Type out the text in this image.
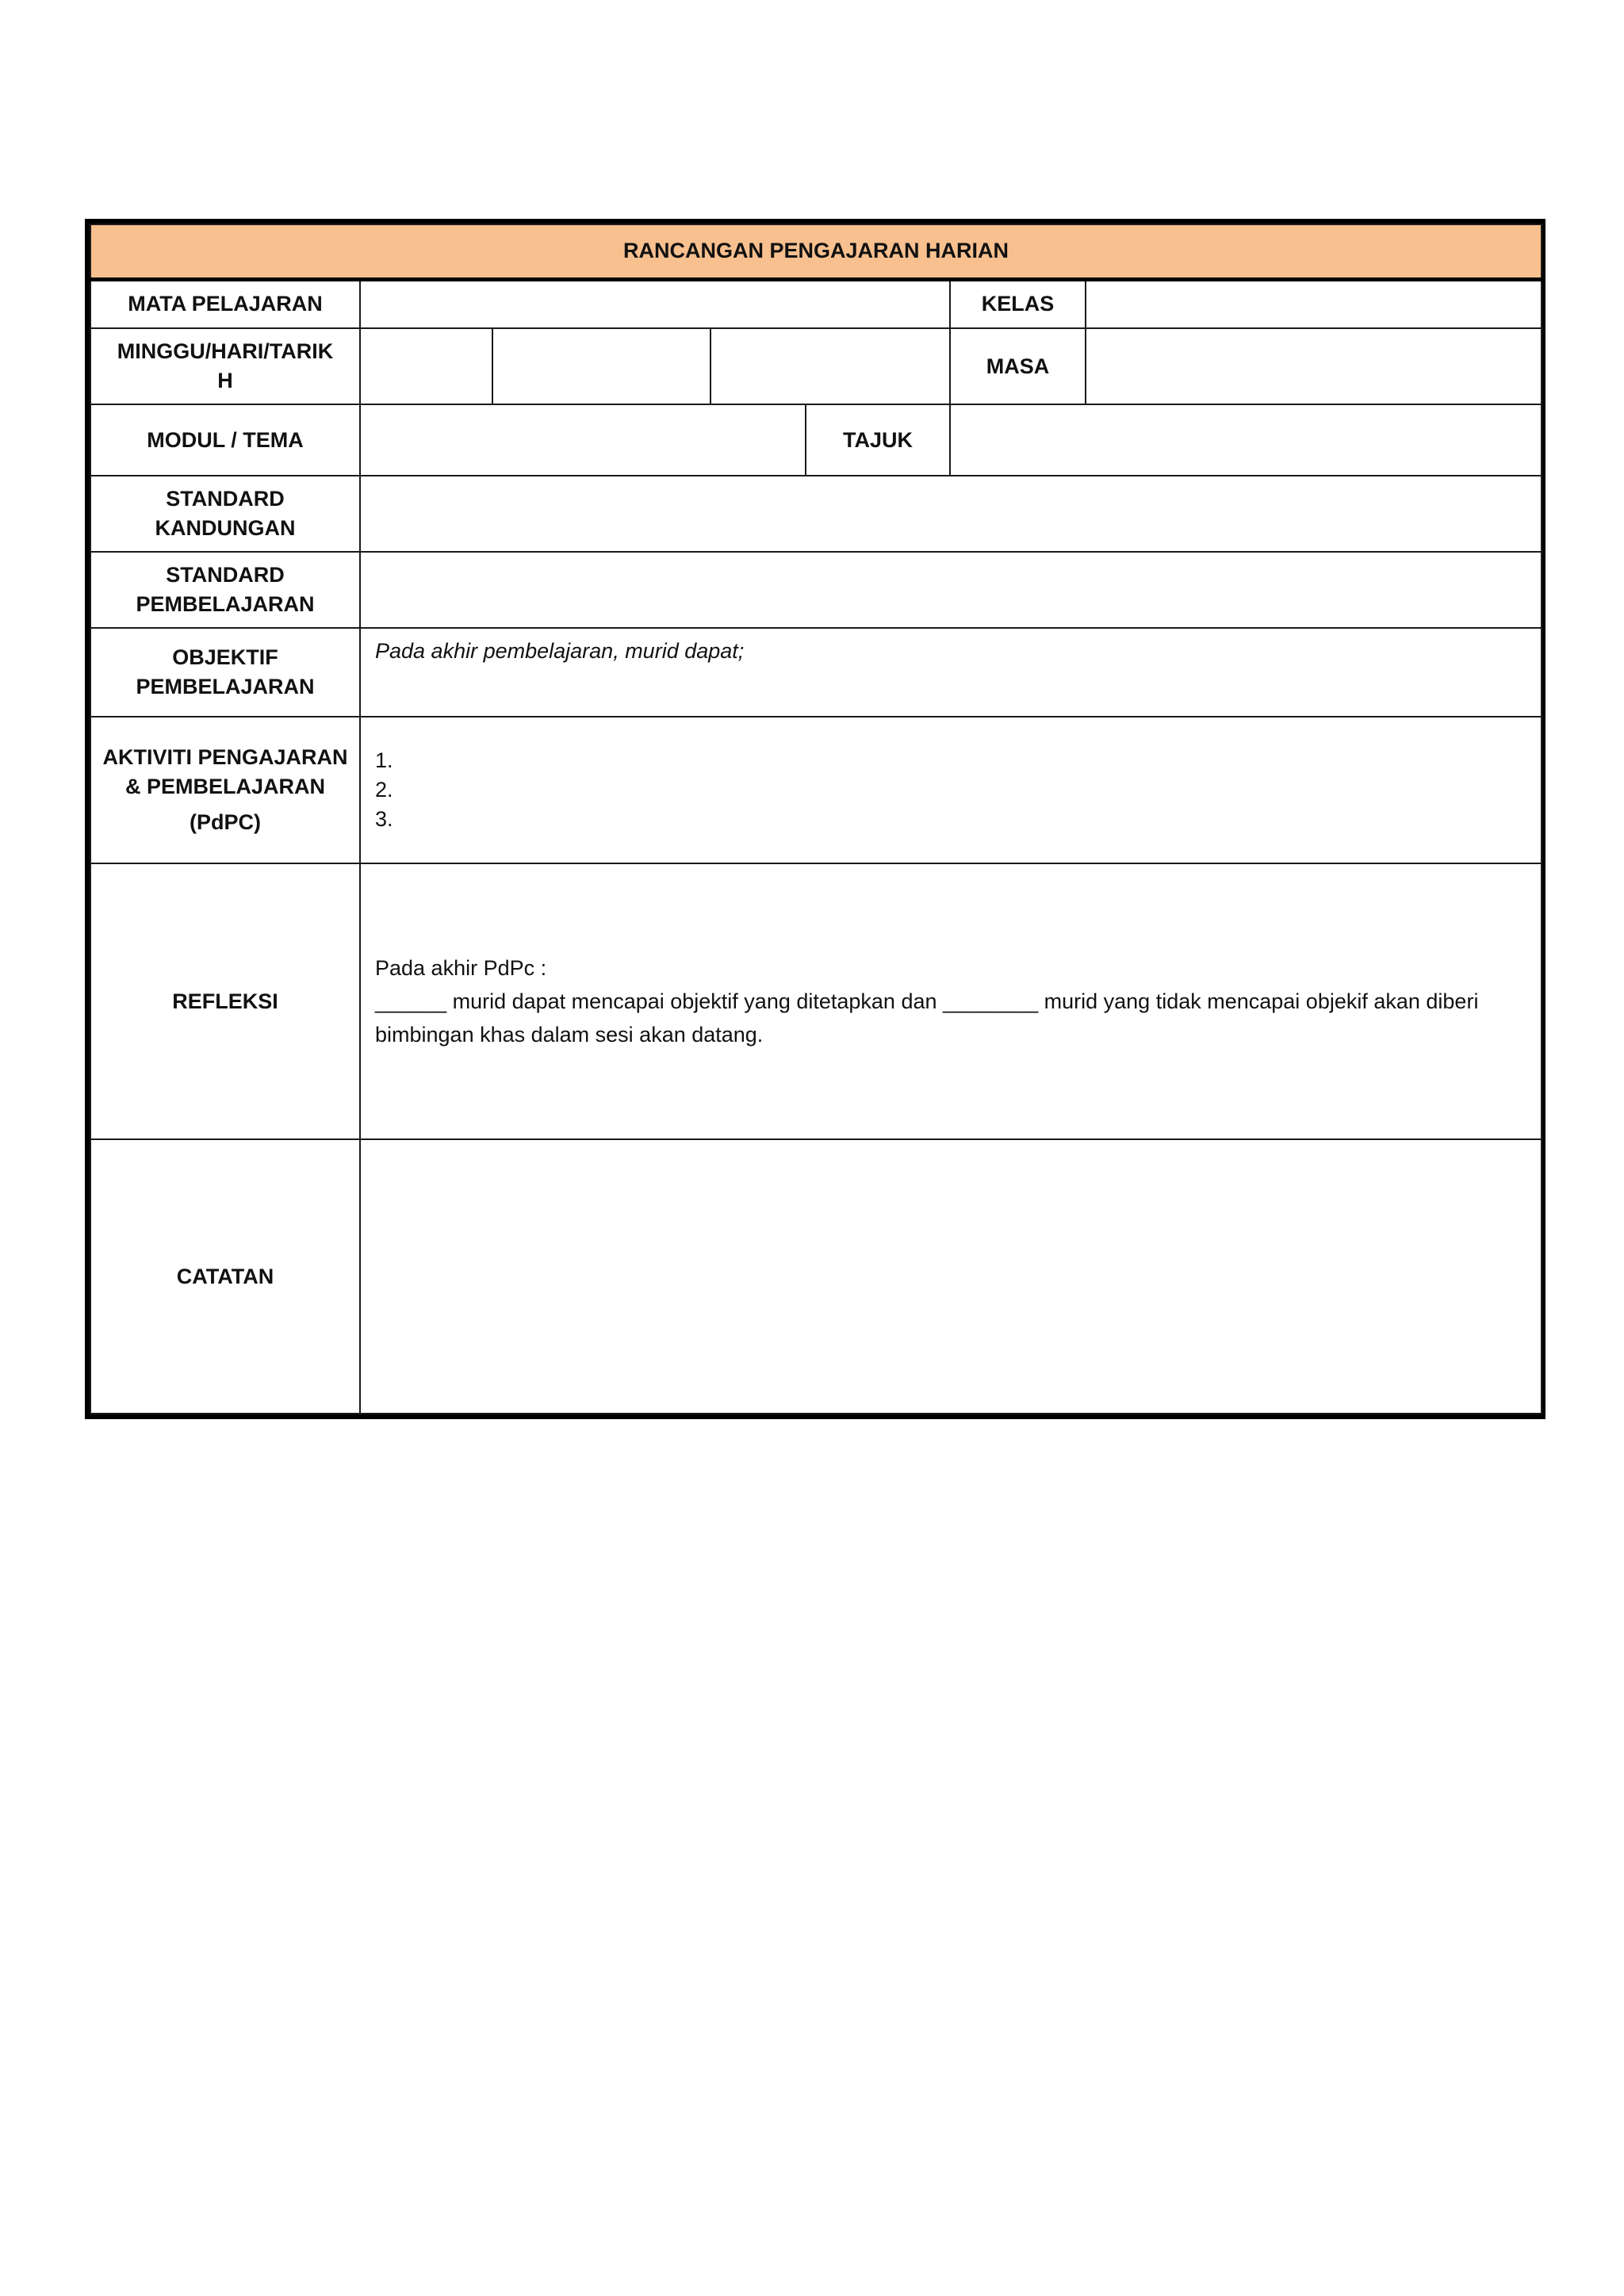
RANCANGAN PENGAJARAN HARIAN						
MATA PELAJARAN					KELAS	

MINGGU/HARI/TARIK
H					MASA	
MODUL / TEMA				TAJUK		

STANDARD
KANDUNGAN						

STANDARD
PEMBELAJARAN						

OBJEKTIF
PEMBELAJARAN	Pada akhir pembelajaran, murid dapat;					

AKTIVITI PENGAJARAN
& PEMBELAJARAN
(PdPC)	1.
2.
3.					

REFLEKSI	Pada akhir PdPc :
______ murid dapat mencapai objektif yang ditetapkan dan ________ murid yang tidak mencapai objekif akan diberi bimbingan khas dalam sesi akan datang.					

CATATAN						
